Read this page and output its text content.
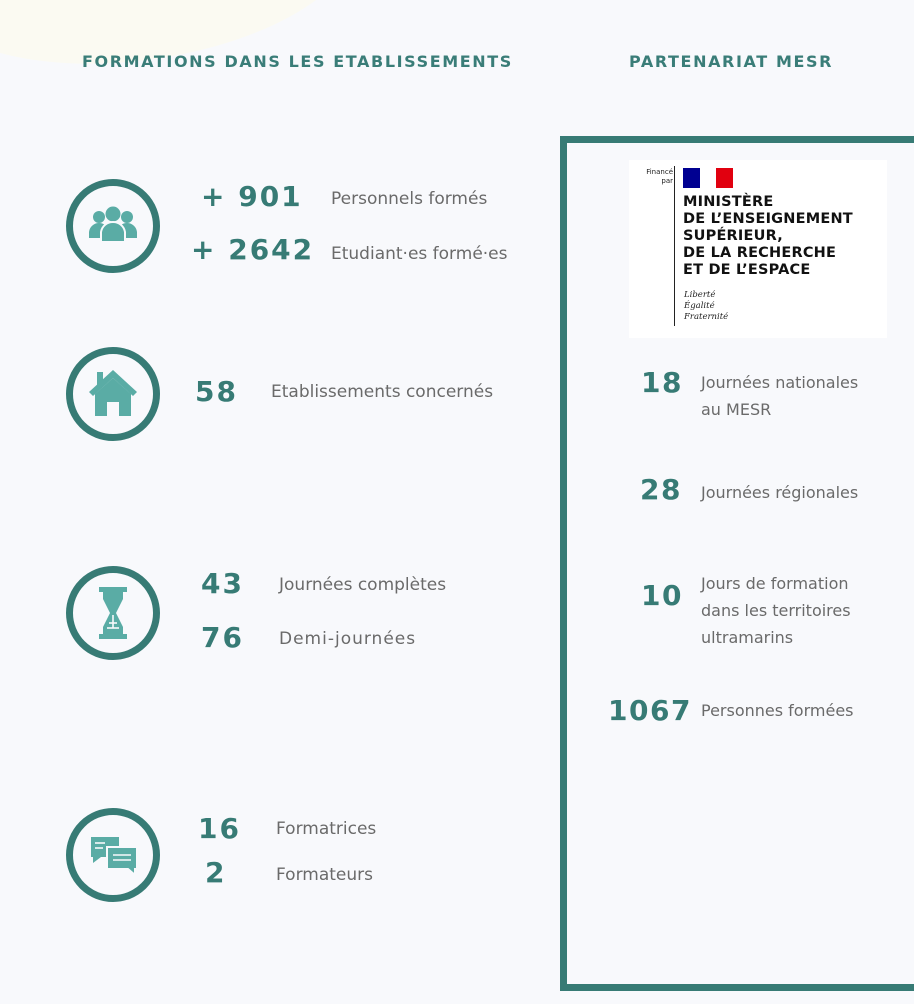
FORMATIONS DANS LES ETABLISSEMENTS	PARTENARIAT MESR
+ 901 Personnels formés
+ 2642 Etudiant·es formé·es
58 Etablissements concernés
43 Journées complètes
76 Demi-journées
16 Formatrices
2	Formateurs
Financé
par
MINISTÈRE
DE L’ENSEIGNEMENT
SUPÉRIEUR,
DE LA RECHERCHE
ET DE L’ESPACE
Liberté
Égalité
Fraternité
18 Journées nationales
au MESR
28 Journées régionales
10 Jours de formation
dans les territoires
ultramarins
1067 Personnes formées
